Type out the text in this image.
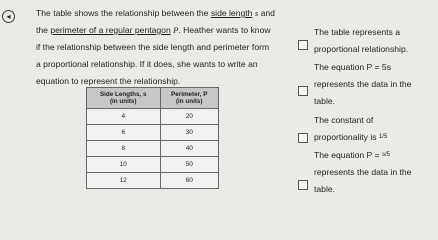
◂	The table shows the relationship between the side length s and
the perimeter of a regular pentagon P. Heather wants to know
if the relationship between the side length and perimeter form
a proportional relationship. If it does, she wants to write an
equation to represent the relationship.
Side Lengths, s
(in units)	Perimeter, P
(in units)
4	20
6	30
8	40
10	50
12	60
The table represents a
proportional relationship.
The equation P = 5s
represents the data in the
table.
The constant of
proportionality is $^{1/5}$
The equation P = $^{s/5}$
represents the data in the
table.
